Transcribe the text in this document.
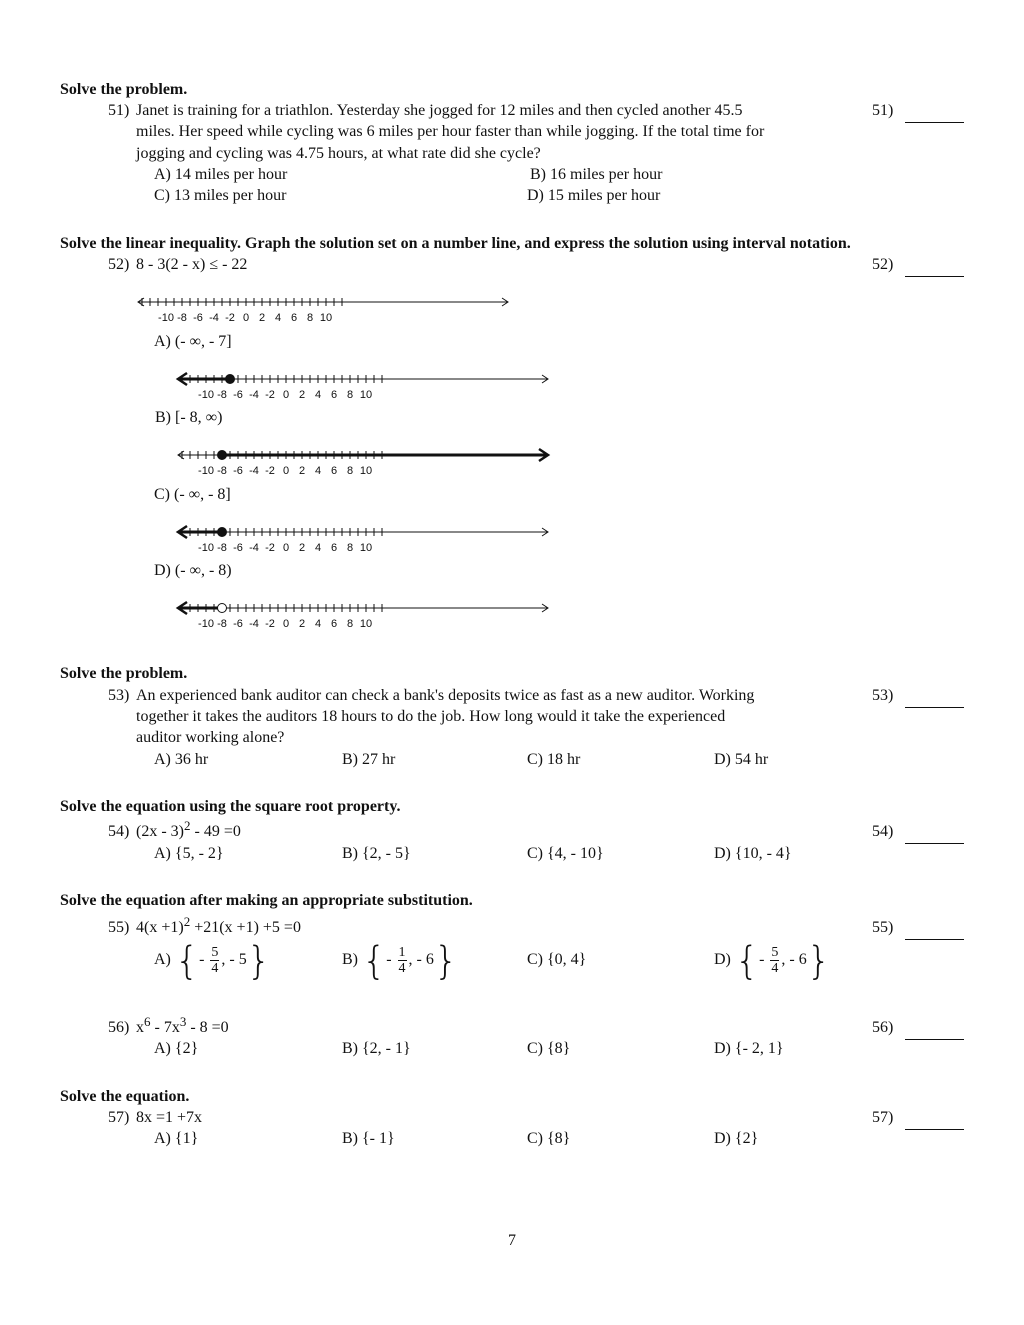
Solve the problem.
51) Janet is training for a triathlon. Yesterday she jogged for 12 miles and then cycled another 45.5
miles. Her speed while cycling was 6 miles per hour faster than while jogging. If the total time for
jogging and cycling was 4.75 hours, at what rate did she cycle?
A) 14 miles per hour	B) 16 miles per hour
C) 13 miles per hour	D) 15 miles per hour
51)
Solve the linear inequality. Graph the solution set on a number line, and express the solution using interval notation.
52) 8 - 3(2 - x) ≤ - 22	52)
-10 -8 -6 -4 -2 0 2 4 6 8 10
A) (- ∞, - 7]
-10 -8 -6 -4 -2 0 2 4 6 8 10
B) [- 8, ∞)
-10 -8 -6 -4 -2 0 2 4 6 8 10
C) (- ∞, - 8]
-10 -8 -6 -4 -2 0 2 4 6 8 10
D) (- ∞, - 8)
-10 -8 -6 -4 -2 0 2 4 6 8 10
Solve the problem.
53) An experienced bank auditor can check a bank's deposits twice as fast as a new auditor. Working
together it takes the auditors 18 hours to do the job. How long would it take the experienced
auditor working alone?
A) 36 hr	B) 27 hr	C) 18 hr	D) 54 hr
53)
Solve the equation using the square root property.
54) (2x - 3)$^2$ - 49 =0
A) {5, - 2}	B) {2, - 5}	C) {4, - 10}	D) {10, - 4}
54)
Solve the equation after making an appropriate substitution.
55) $4(x +1)^2 +21(x +1) +5 =0$
A) {- $\frac{5}{4}$ , - 5}	B) {- $\frac{1}{4}$ , - 6}	C) {0, 4}	D) {- $\frac{5}{4}$ , - 6}
55)
56) $x^6 - 7x^3 - 8 =0$
A) {2}	B) {2, - 1}	C) {8}	D) {- 2, 1}
56)
Solve the equation.
57) 8x =1 +7x
A) {1}	B) {- 1}	C) {8}	D) {2}
57)
7
